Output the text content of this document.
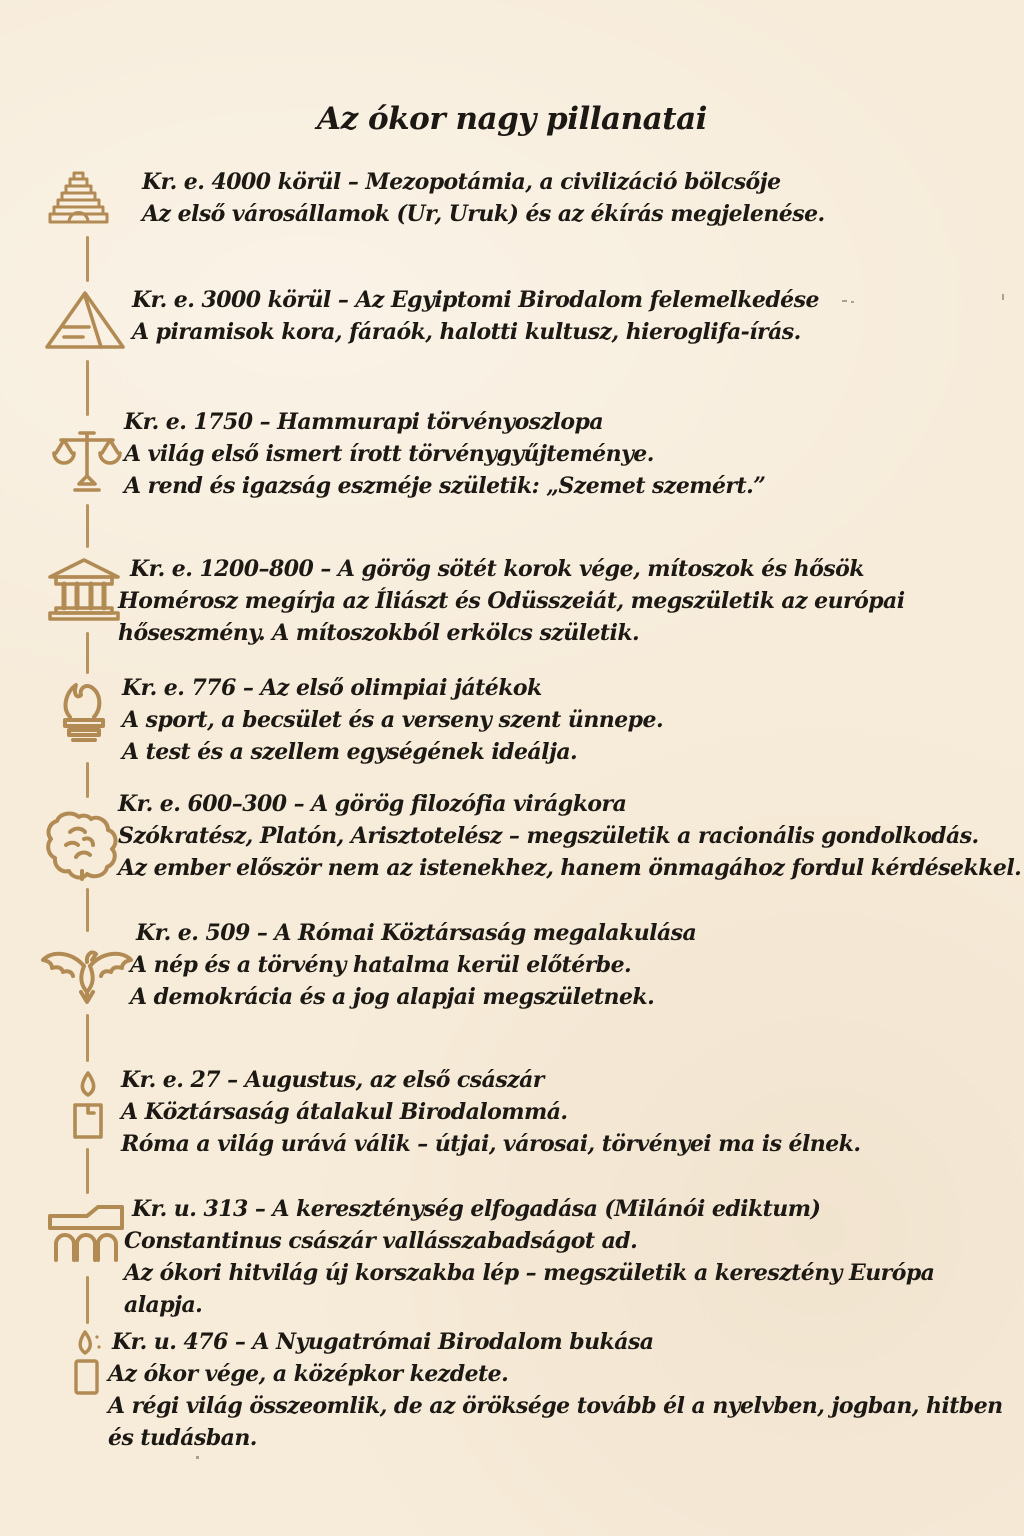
Az ókor nagy pillanatai
Kr. e. 4000 körül – Mezopotámia, a civilizáció bölcsője
Az első városállamok (Ur, Uruk) és az ékírás megjelenése.
Kr. e. 3000 körül – Az Egyiptomi Birodalom felemelkedése
A piramisok kora, fáraók, halotti kultusz, hieroglifa-írás.
Kr. e. 1750 – Hammurapi törvényoszlopa
A világ első ismert írott törvénygyűjteménye.
A rend és igazság eszméje születik: „Szemet szemért.”
Kr. e. 1200–800 – A görög sötét korok vége, mítoszok és hősök
Homérosz megírja az Íliászt és Odüsszeiát, megszületik az európai
hőseszmény. A mítoszokból erkölcs születik.
Kr. e. 776 – Az első olimpiai játékok
A sport, a becsület és a verseny szent ünnepe.
A test és a szellem egységének ideálja.
Kr. e. 600–300 – A görög filozófia virágkora
Szókratész, Platón, Arisztotelész – megszületik a racionális gondolkodás.
Az ember először nem az istenekhez, hanem önmagához fordul kérdésekkel.
Kr. e. 509 – A Római Köztársaság megalakulása
A nép és a törvény hatalma kerül előtérbe.
A demokrácia és a jog alapjai megszületnek.
Kr. e. 27 – Augustus, az első császár
A Köztársaság átalakul Birodalommá.
Róma a világ urává válik – útjai, városai, törvényei ma is élnek.
Kr. u. 313 – A kereszténység elfogadása (Milánói ediktum)
Constantinus császár vallásszabadságot ad.
Az ókori hitvilág új korszakba lép – megszületik a keresztény Európa
alapja.
Kr. u. 476 – A Nyugatrómai Birodalom bukása
Az ókor vége, a középkor kezdete.
A régi világ összeomlik, de az öröksége tovább él a nyelvben, jogban, hitben
és tudásban.
